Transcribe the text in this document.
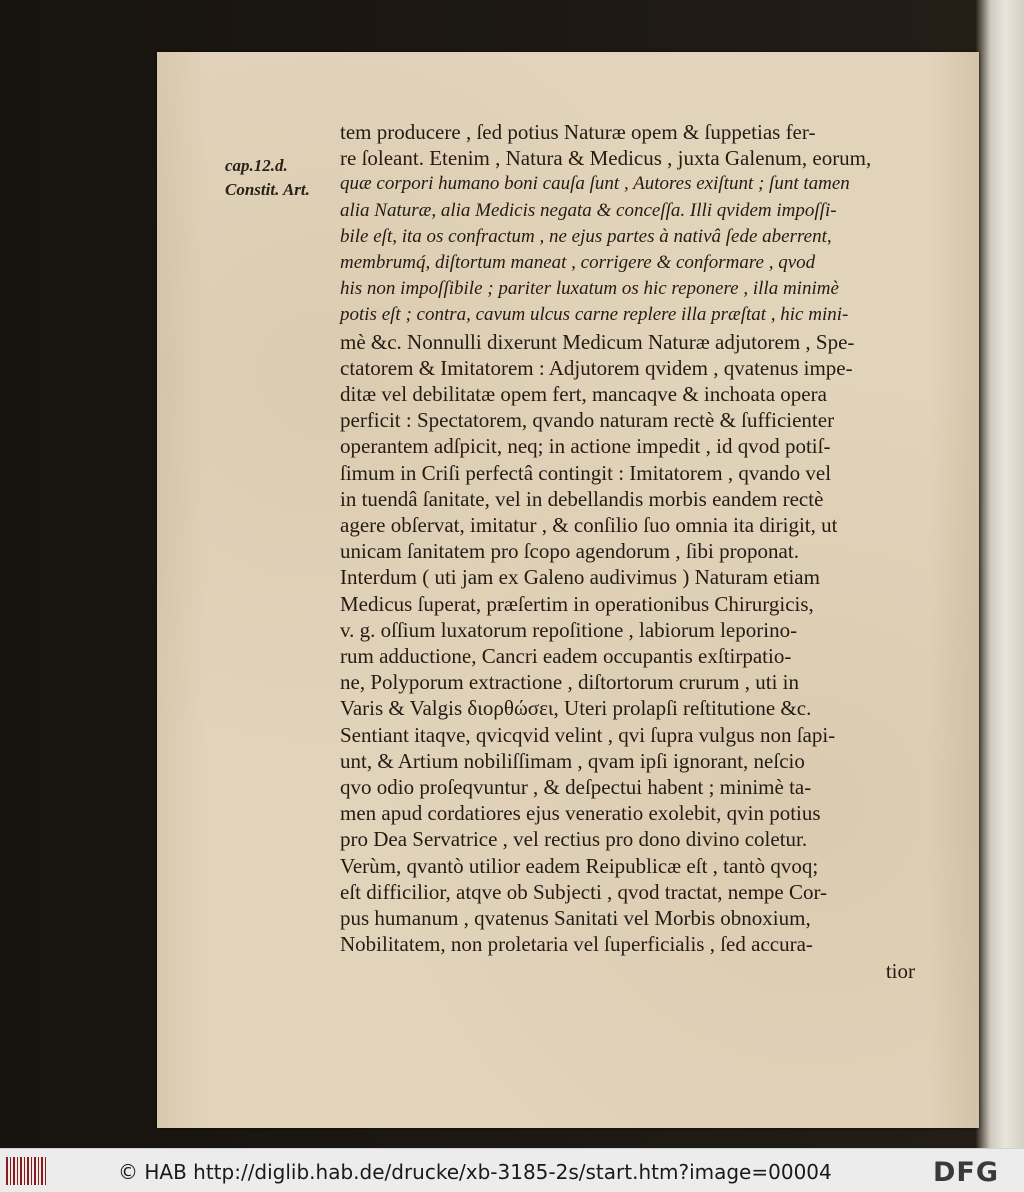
cap.12.d.
Constit. Art.
tem producere , ſed potius Naturæ opem & ſuppetias fer-
re ſoleant. Etenim , Natura & Medicus , juxta Galenum, eorum,
quæ corpori humano boni cauſa ſunt , Autores exiſtunt ; ſunt tamen
alia Naturæ, alia Medicis negata & conceſſa. Illi qvidem impoſſi-
bile eſt, ita os confractum , ne ejus partes à nativâ ſede aberrent,
membrumq́, diſtortum maneat , corrigere & conformare , qvod
his non impoſſibile ; pariter luxatum os hic reponere , illa minimè
potis eſt ; contra, cavum ulcus carne replere illa præſtat , hic mini-
mè &c. Nonnulli dixerunt Medicum Naturæ adjutorem , Spe-
ctatorem & Imitatorem : Adjutorem qvidem , qvatenus impe-
ditæ vel debilitatæ opem fert, mancaqve & inchoata opera
perficit : Spectatorem, qvando naturam rectè & ſufficienter
operantem adſpicit, neq; in actione impedit , id qvod potiſ-
ſimum in Criſi perfectâ contingit : Imitatorem , qvando vel
in tuendâ ſanitate, vel in debellandis morbis eandem rectè
agere obſervat, imitatur , & conſilio ſuo omnia ita dirigit, ut
unicam ſanitatem pro ſcopo agendorum , ſibi proponat.
Interdum ( uti jam ex Galeno audivimus ) Naturam etiam
Medicus ſuperat, præſertim in operationibus Chirurgicis,
v. g. oſſium luxatorum repoſitione , labiorum leporino-
rum adductione, Cancri eadem occupantis exſtirpatio-
ne, Polyporum extractione , diſtortorum crurum , uti in
Varis & Valgis διορθώσει, Uteri prolapſi reſtitutione &c.
Sentiant itaqve, qvicqvid velint , qvi ſupra vulgus non ſapi-
unt, & Artium nobiliſſimam , qvam ipſi ignorant, neſcio
qvo odio proſeqvuntur , & deſpectui habent ; minimè ta-
men apud cordatiores ejus veneratio exolebit, qvin potius
pro Dea Servatrice , vel rectius pro dono divino coletur.
Verùm, qvantò utilior eadem Reipublicæ eſt , tantò qvoq;
eſt difficilior, atqve ob Subjecti , qvod tractat, nempe Cor-
pus humanum , qvatenus Sanitati vel Morbis obnoxium,
Nobilitatem, non proletaria vel ſuperficialis , ſed accura-
tior
© HAB http://diglib.hab.de/drucke/xb-3185-2s/start.htm?image=00004	DFG
